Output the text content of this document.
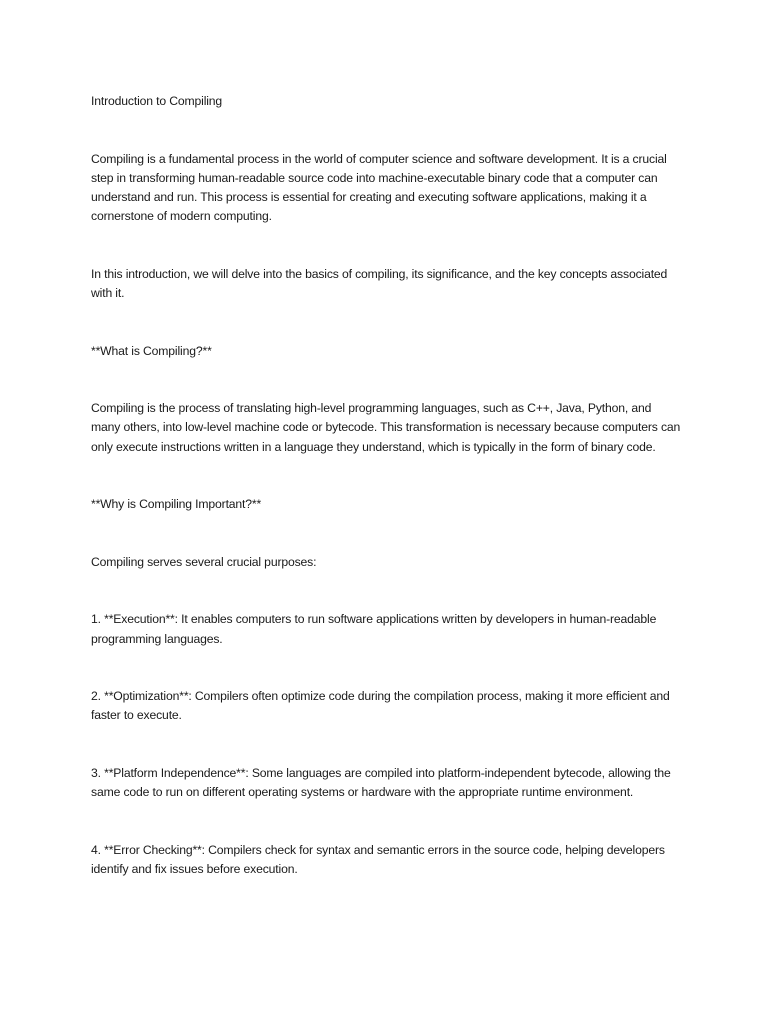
Introduction to Compiling

Compiling is a fundamental process in the world of computer science and software development. It is a crucial step in transforming human-readable source code into machine-executable binary code that a computer can understand and run. This process is essential for creating and executing software applications, making it a cornerstone of modern computing.

In this introduction, we will delve into the basics of compiling, its significance, and the key concepts associated with it.

**What is Compiling?**

Compiling is the process of translating high-level programming languages, such as C++, Java, Python, and many others, into low-level machine code or bytecode. This transformation is necessary because computers can only execute instructions written in a language they understand, which is typically in the form of binary code.

**Why is Compiling Important?**

Compiling serves several crucial purposes:

1. **Execution**: It enables computers to run software applications written by developers in human-readable programming languages.

2. **Optimization**: Compilers often optimize code during the compilation process, making it more efficient and faster to execute.

3. **Platform Independence**: Some languages are compiled into platform-independent bytecode, allowing the same code to run on different operating systems or hardware with the appropriate runtime environment.

4. **Error Checking**: Compilers check for syntax and semantic errors in the source code, helping developers identify and fix issues before execution.
